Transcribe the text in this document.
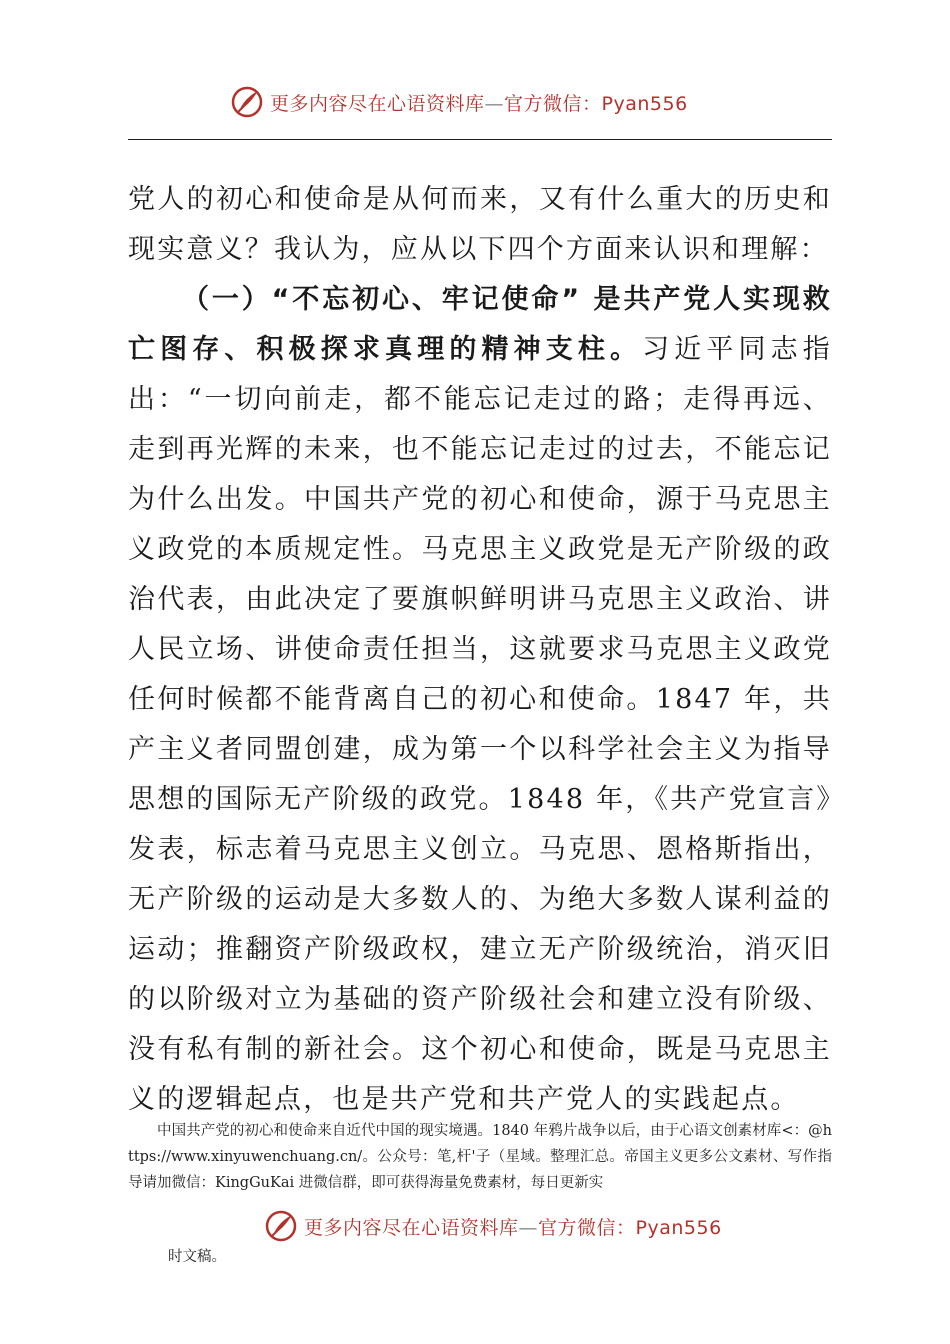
更多内容尽在心语资料库—官方微信：Pyan556

党人的初心和使命是从何而来，又有什么重大的历史和现实意义？我认为，应从以下四个方面来认识和理解：

（一）“不忘初心、牢记使命” 是共产党人实现救亡图存、积极探求真理的精神支柱。习近平同志指出：“一切向前走，都不能忘记走过的路；走得再远、走到再光辉的未来，也不能忘记走过的过去，不能忘记为什么出发。中国共产党的初心和使命，源于马克思主义政党的本质规定性。马克思主义政党是无产阶级的政治代表，由此决定了要旗帜鲜明讲马克思主义政治、讲人民立场、讲使命责任担当，这就要求马克思主义政党任何时候都不能背离自己的初心和使命。1847 年，共产主义者同盟创建，成为第一个以科学社会主义为指导思想的国际无产阶级的政党。1848 年，《共产党宣言》发表，标志着马克思主义创立。马克思、恩格斯指出，无产阶级的运动是大多数人的、为绝大多数人谋利益的运动；推翻资产阶级政权，建立无产阶级统治，消灭旧的以阶级对立为基础的资产阶级社会和建立没有阶级、没有私有制的新社会。这个初心和使命，既是马克思主义的逻辑起点，也是共产党和共产党人的实践起点。

中国共产党的初心和使命来自近代中国的现实境遇。1840 年鸦片战争以后，由于心语文创素材库<：@https://www.xinyuwenchuang.cn/。公众号：笔,杆'子（星域。整理汇总。帝国主义更多公文素材、写作指导请加微信：KingGuKai 进微信群，即可获得海量免费素材，每日更新实

更多内容尽在心语资料库—官方微信：Pyan556
时文稿。
